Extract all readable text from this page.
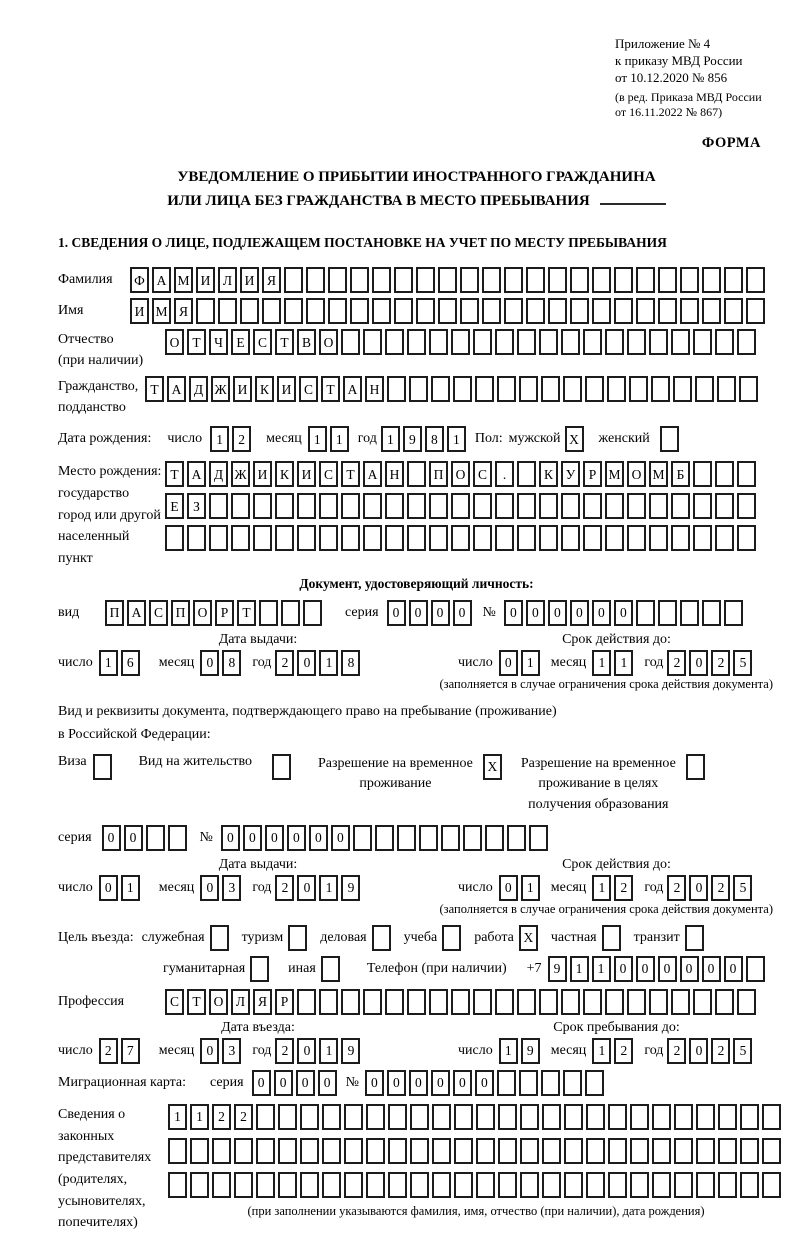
Приложение № 4
к приказу МВД России
от 10.12.2020 № 856
(в ред. Приказа МВД России
от 16.11.2022 № 867)
ФОРМА
УВЕДОМЛЕНИЕ О ПРИБЫТИИ ИНОСТРАННОГО ГРАЖДАНИНА
ИЛИ ЛИЦА БЕЗ ГРАЖДАНСТВА В МЕСТО ПРЕБЫВАНИЯ
1. СВЕДЕНИЯ О ЛИЦЕ, ПОДЛЕЖАЩЕМ ПОСТАНОВКЕ НА УЧЕТ ПО МЕСТУ ПРЕБЫВАНИЯ
Фамилия	Ф А М И Л И Я
Имя	И М Я
Отчество
(при наличии)
О Т Ч Е С Т В О
Гражданство,
подданство
Т А Д Ж И К И С Т А Н
Дата рождения: число	1	2	месяц 1	1	год 1	9	8	1	Пол: мужской X	женский
Место рождения:
государство
город или другой
населенный пункт
Т А Д Ж И К И С Т А Н	П О С	.	К У Р М О М Б
Е	З
Документ, удостоверяющий личность:
вид	П А С П О Р	Т	серия	0	0	0	0	№	0	0	0	0	0	0
Дата выдачи:	Срок действия до:
число 1	6	месяц 0	8	год 2	0	1	8	число 0	1	месяц 1	1	год 2	0	2	5
(заполняется в случае ограничения срока действия документа)
Вид и реквизиты документа, подтверждающего право на пребывание (проживание)
в Российской Федерации:
Виза	Вид на жительство	Разрешение на временное
проживание
X	Разрешение на временное
проживание в целях
получения образования
серия	0	0	№	0	0	0	0	0	0
Дата выдачи:	Срок действия до:
число 0	1	месяц 0	3	год 2	0	1	9	число 0	1	месяц 1	2	год 2	0	2	5
(заполняется в случае ограничения срока действия документа)
Цель въезда: служебная	туризм	деловая	учеба	работа X	частная	транзит
гуманитарная	иная	Телефон (при наличии) +7 9	1	1	0	0	0	0	0	0
Профессия	С Т О Л Я	Р
Дата въезда:	Срок пребывания до:
число 2	7	месяц 0	3	год 2	0	1	9	число 1	9	месяц 1	2	год 2	0	2	5
Миграционная карта: серия	0	0	0	0	№ 0	0	0	0	0	0
Сведения о
законных
представителях
(родителях,
усыновителях,
попечителях)
1	1	2	2
(при заполнении указываются фамилия, имя, отчество (при наличии), дата рождения)
